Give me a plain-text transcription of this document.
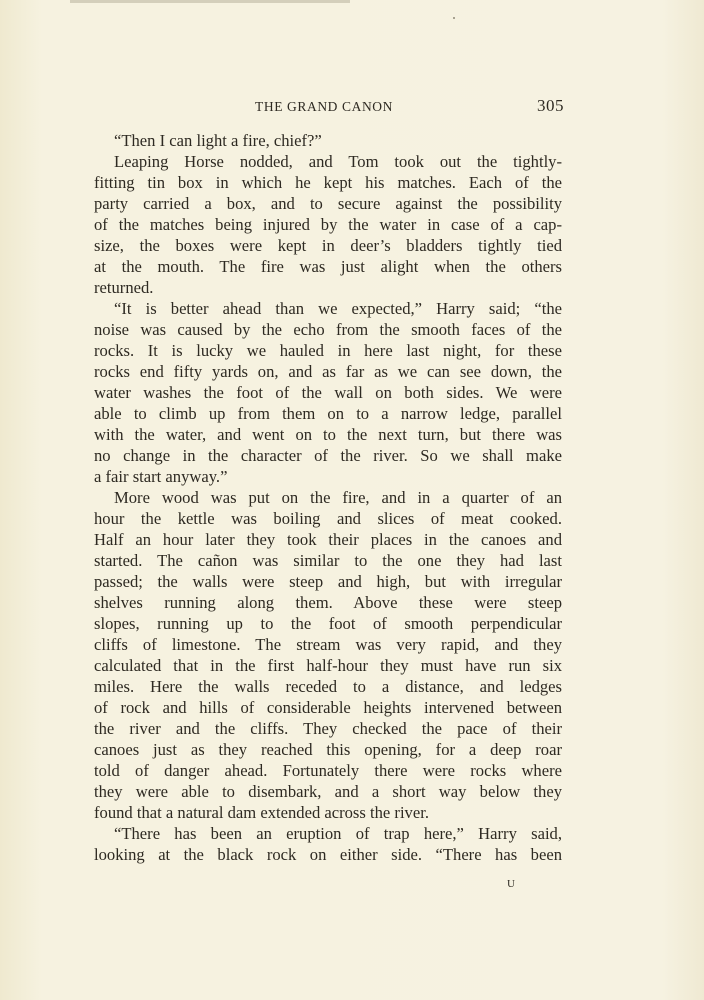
THE GRAND CANON	305
“Then I can light a fire, chief?”
Leaping Horse nodded, and Tom took out the tightly-
fitting tin box in which he kept his matches. Each of the
party carried a box, and to secure against the possibility
of the matches being injured by the water in case of a cap-
size, the boxes were kept in deer’s bladders tightly tied
at the mouth. The fire was just alight when the others
returned.
“It is better ahead than we expected,” Harry said; “the
noise was caused by the echo from the smooth faces of the
rocks. It is lucky we hauled in here last night, for these
rocks end fifty yards on, and as far as we can see down, the
water washes the foot of the wall on both sides. We were
able to climb up from them on to a narrow ledge, parallel
with the water, and went on to the next turn, but there was
no change in the character of the river. So we shall make
a fair start anyway.”
More wood was put on the fire, and in a quarter of an
hour the kettle was boiling and slices of meat cooked.
Half an hour later they took their places in the canoes and
started. The cañon was similar to the one they had last
passed; the walls were steep and high, but with irregular
shelves running along them. Above these were steep
slopes, running up to the foot of smooth perpendicular
cliffs of limestone. The stream was very rapid, and they
calculated that in the first half-hour they must have run six
miles. Here the walls receded to a distance, and ledges
of rock and hills of considerable heights intervened between
the river and the cliffs. They checked the pace of their
canoes just as they reached this opening, for a deep roar
told of danger ahead. Fortunately there were rocks where
they were able to disembark, and a short way below they
found that a natural dam extended across the river.
“There has been an eruption of trap here,” Harry said,
looking at the black rock on either side. “There has been
U
